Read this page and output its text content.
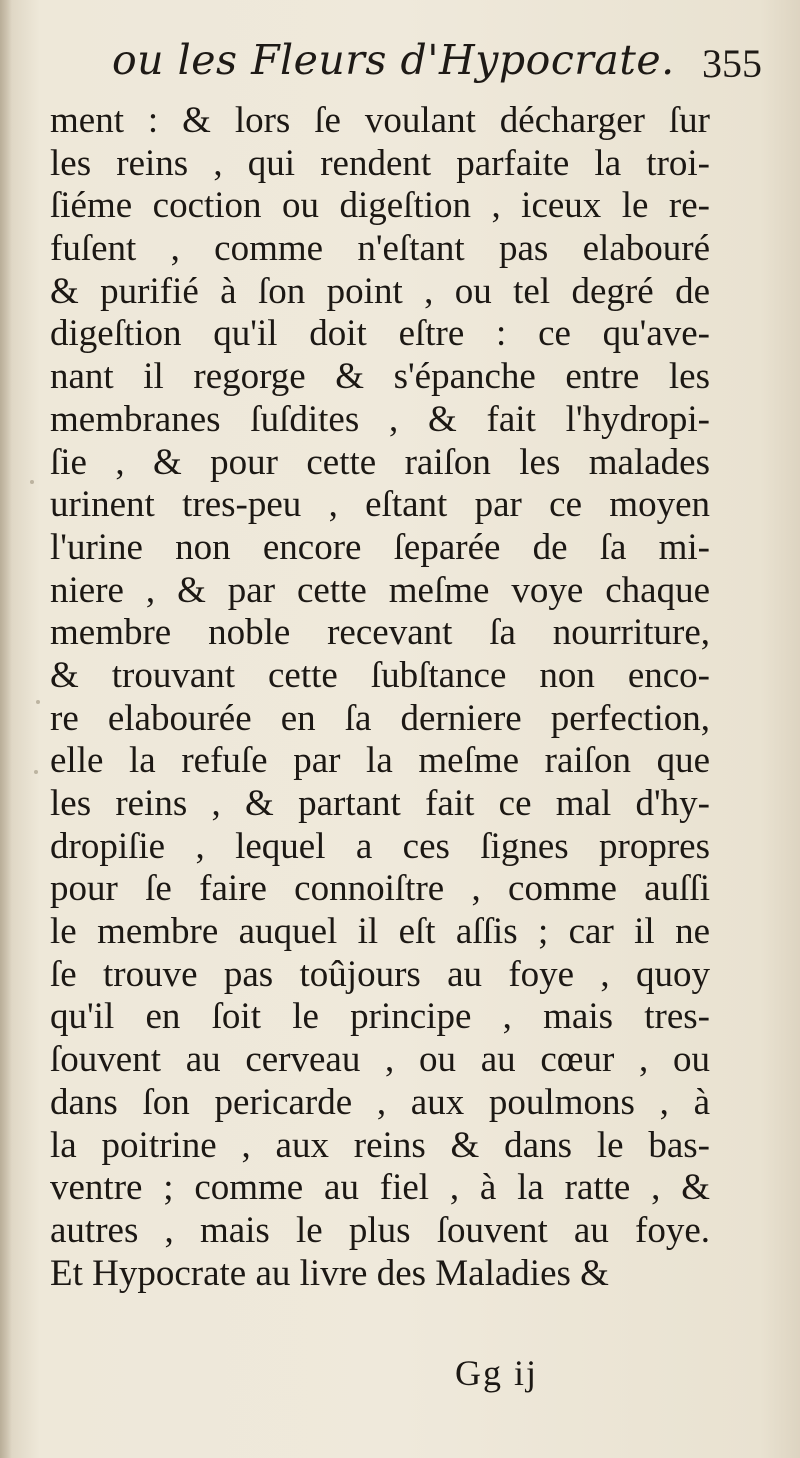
ou les Fleurs d'Hypocrate. 355
ment : & lors ſe voulant décharger ſur
les reins , qui rendent parfaite la troi-
ſiéme coction ou digeſtion , iceux le re-
fuſent , comme n'eſtant pas elabouré
& purifié à ſon point , ou tel degré de
digeſtion qu'il doit eſtre : ce qu'ave-
nant il regorge & s'épanche entre les
membranes ſuſdites , & fait l'hydropi-
ſie , & pour cette raiſon les malades
urinent tres-peu , eſtant par ce moyen
l'urine non encore ſeparée de ſa mi-
niere , & par cette meſme voye chaque
membre noble recevant ſa nourriture,
& trouvant cette ſubſtance non enco-
re elabourée en ſa derniere perfection,
elle la refuſe par la meſme raiſon que
les reins , & partant fait ce mal d'hy-
dropiſie , lequel a ces ſignes propres
pour ſe faire connoiſtre , comme auſſi
le membre auquel il eſt aſſis ; car il ne
ſe trouve pas toûjours au foye , quoy
qu'il en ſoit le principe , mais tres-
ſouvent au cerveau , ou au cœur , ou
dans ſon pericarde , aux poulmons , à
la poitrine , aux reins & dans le bas-
ventre ; comme au fiel , à la ratte , &
autres , mais le plus ſouvent au foye.
Et Hypocrate au livre des Maladies &
Gg ij
